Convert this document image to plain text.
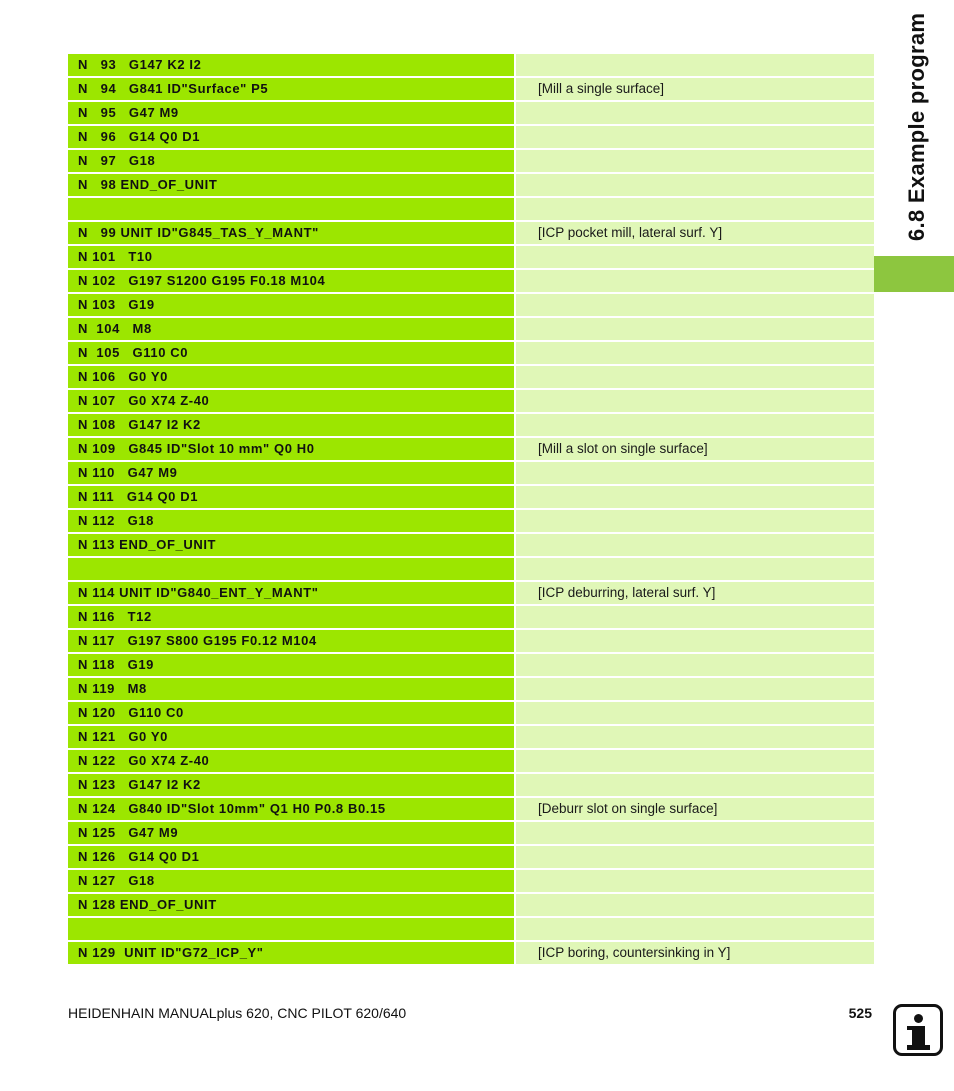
N   93   G147 K2 I2
N   94   G841 ID"Surface" P5	[Mill a single surface]
N   95   G47 M9
N   96   G14 Q0 D1
N   97   G18
N   98 END_OF_UNIT
N   99 UNIT ID"G845_TAS_Y_MANT"	[ICP pocket mill, lateral surf. Y]
N 101   T10
N 102   G197 S1200 G195 F0.18 M104
N 103   G19
N  104   M8
N  105   G110 C0
N 106   G0 Y0
N 107   G0 X74 Z-40
N 108   G147 I2 K2
N 109   G845 ID"Slot 10 mm" Q0 H0	[Mill a slot on single surface]
N 110   G47 M9
N 111   G14 Q0 D1
N 112   G18
N 113 END_OF_UNIT
N 114 UNIT ID"G840_ENT_Y_MANT"	[ICP deburring, lateral surf. Y]
N 116   T12
N 117   G197 S800 G195 F0.12 M104
N 118   G19
N 119   M8
N 120   G110 C0
N 121   G0 Y0
N 122   G0 X74 Z-40
N 123   G147 I2 K2
N 124   G840 ID"Slot 10mm" Q1 H0 P0.8 B0.15	[Deburr slot on single surface]
N 125   G47 M9
N 126   G14 Q0 D1
N 127   G18
N 128 END_OF_UNIT
N 129  UNIT ID"G72_ICP_Y"	[ICP boring, countersinking in Y]
6.8 Example program
HEIDENHAIN MANUALplus 620, CNC PILOT 620/640	525
